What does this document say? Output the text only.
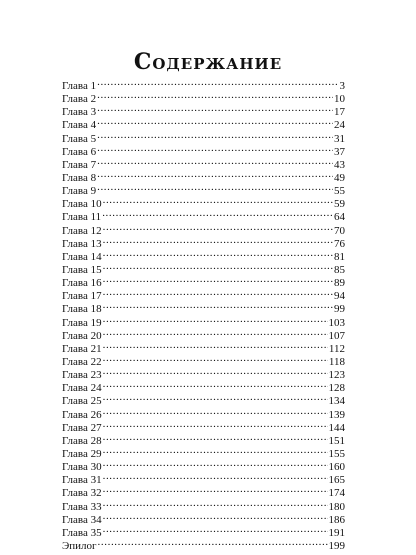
Содержание
Глава 1 .....	3
Глава 2 .....	10
Глава 3 .....	17
Глава 4 .....	24
Глава 5 .....	31
Глава 6 .....	37
Глава 7 .....	43
Глава 8 .....	49
Глава 9 .....	55
Глава 10 .....	59
Глава 11 .....	64
Глава 12 .....	70
Глава 13 .....	76
Глава 14 .....	81
Глава 15 .....	85
Глава 16 .....	89
Глава 17 .....	94
Глава 18 .....	99
Глава 19 .....	103
Глава 20 .....	107
Глава 21 .....	112
Глава 22 .....	118
Глава 23 .....	123
Глава 24 .....	128
Глава 25 .....	134
Глава 26 .....	139
Глава 27 .....	144
Глава 28 .....	151
Глава 29 .....	155
Глава 30 .....	160
Глава 31 .....	165
Глава 32 .....	174
Глава 33 .....	180
Глава 34 .....	186
Глава 35 .....	191
Эпилог .....	199
